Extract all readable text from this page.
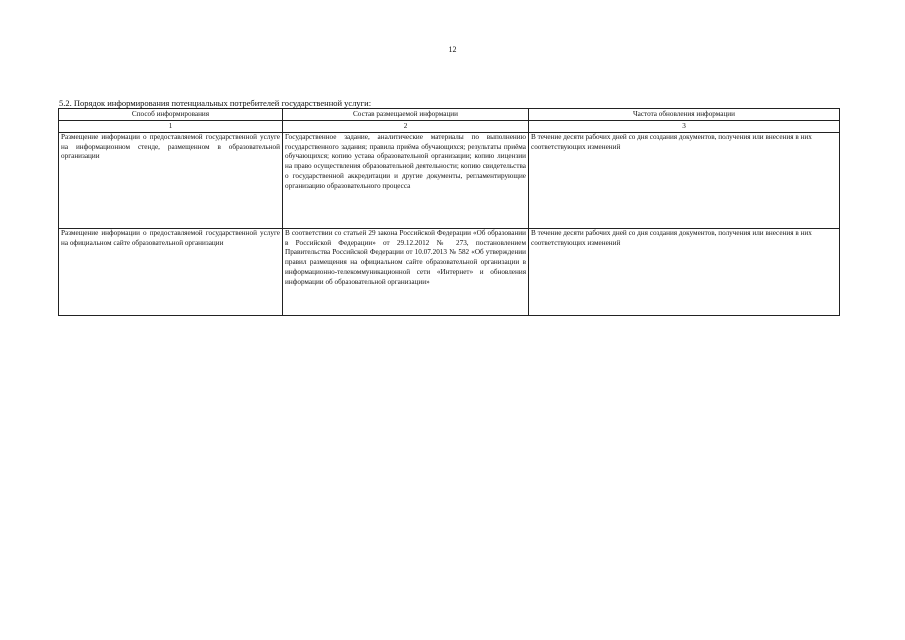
12
5.2. Порядок информирования потенциальных потребителей государственной услуги:
Способ информирования	Состав размещаемой информации	Частота обновления информации
1	2	3
Размещение информации о предоставляемой государственной услуге на информационном стенде, размещенном в образовательной организации	Государственное задание, аналитические материалы по выполнению государственного задания; правила приёма обучающихся; результаты приёма обучающихся; копию устава образовательной организации; копию лицензии на право осуществления образовательной деятельности; копию свидетельства о государственной аккредитации и другие документы, регламентирующие организацию образовательного процесса	В течение десяти рабочих дней со дня создания документов, получения или внесения в них соответствующих изменений
Размещение информации о предоставляемой государственной услуге на официальном сайте образовательной организации	В соответствии со статьей 29 закона Российской Федерации «Об образовании в Российской Федерации» от 29.12.2012 № 273, постановлением Правительства Российской Федерации от 10.07.2013 № 582 «Об утверждении правил размещения на официальном сайте образовательной организации в информационно-телекоммуникационной сети «Интернет» и обновления информации об образовательной организации»	В течение десяти рабочих дней со дня создания документов, получения или внесения в них соответствующих изменений
